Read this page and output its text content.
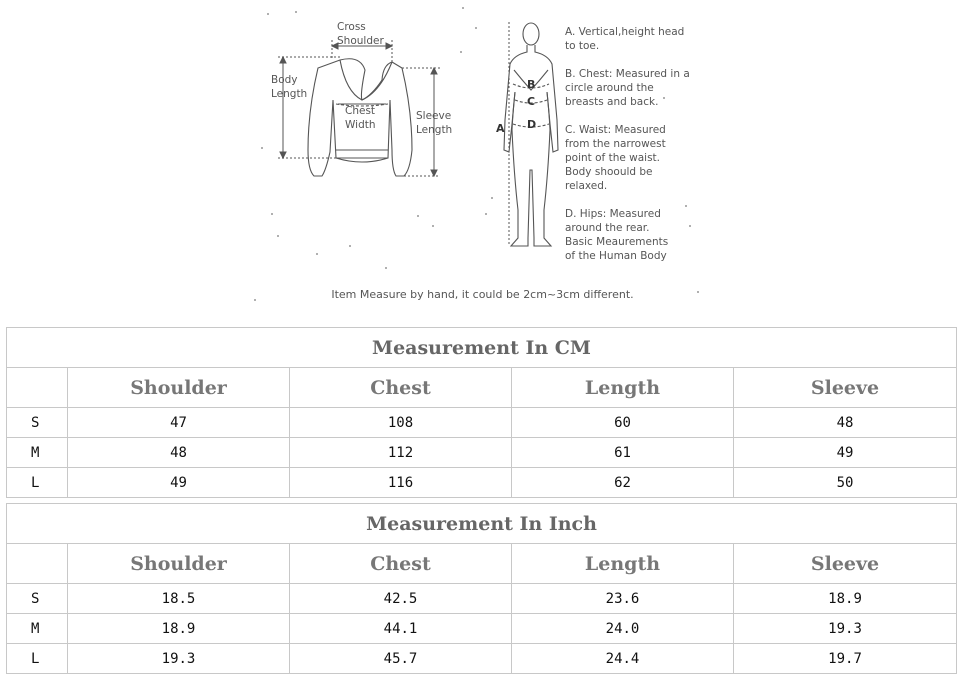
Cross
Shoulder
Body
Length
Chest
Width
Sleeve
Length	A
B
C
D
A. Vertical,height head
to toe.
B. Chest: Measured in a
circle around the
breasts and back.
C. Waist: Measured
from the narrowest
point of the waist.
Body shoould be
relaxed.
D. Hips: Measured
around the rear.
Basic Meaurements
of the Human Body
Item Measure by hand, it could be 2cm~3cm different.
Measurement In CM				
	Shoulder	Chest	Length	Sleeve
S	47	108	60	48
M	48	112	61	49
L	49	116	62	50
Measurement In Inch				
	Shoulder	Chest	Length	Sleeve
S	18.5	42.5	23.6	18.9
M	18.9	44.1	24.0	19.3
L	19.3	45.7	24.4	19.7
